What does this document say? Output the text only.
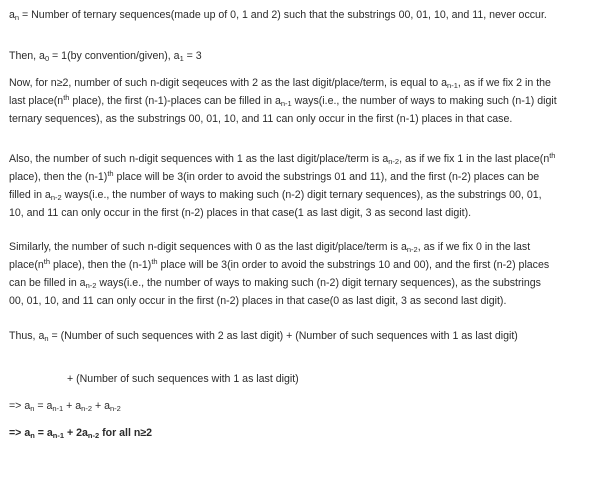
$a_n$ = Number of ternary sequences(made up of 0, 1 and 2) such that the substrings 00, 01, 10, and 11, never occur.

Then, $a_0 = 1(by$ convention/given), $a_1 = 3$

Now, for n≥2, number of such n-digit seqeuces with 2 as the last digit/place/term, is equal to $a_{n-1}$, as if we fix 2 in the last $place(n^{th}$ place), the first (n-1)-places can be filled in $a_{n-1}$ ways(i.e., the number of ways to making such (n-1) digit ternary sequences), as the substrings 00, 01, 10, and 11 can only occur in the first (n-1) places in that case.

Also, the number of such n-digit sequences with 1 as the last digit/place/term is $a_{n-2}$, as if we fix 1 in the last $place(n^{th}$ place), then the $(n-1)^{th}$ place will be 3(in order to avoid the substrings 01 and 11), and the first (n-2) places can be filled in $a_{n-2}$ ways(i.e., the number of ways to making such (n-2) digit ternary sequences), as the substrings 00, 01, 10, and 11 can only occur in the first (n-2) places in that case(1 as last digit, 3 as second last digit).

Similarly, the number of such n-digit sequences with 0 as the last digit/place/term is $a_{n-2}$, as if we fix 0 in the last $place(n^{th}$ place), then the $(n-1)^{th}$ place will be 3(in order to avoid the substrings 10 and 00), and the first (n-2) places can be filled in $a_{n-2}$ ways(i.e., the number of ways to making such (n-2) digit ternary sequences), as the substrings 00, 01, 10, and 11 can only occur in the first (n-2) places in that case(0 as last digit, 3 as second last digit).

Thus, $a_n$ = (Number of such sequences with 2 as last digit) + (Number of such sequences with 1 as last digit)

+ (Number of such sequences with 1 as last digit)

=> $a_n = a_{n-1} + a_{n-2} + a_{n-2}$

=> $a_n = a_{n-1} + 2a_{n-2}$ for all n≥2
